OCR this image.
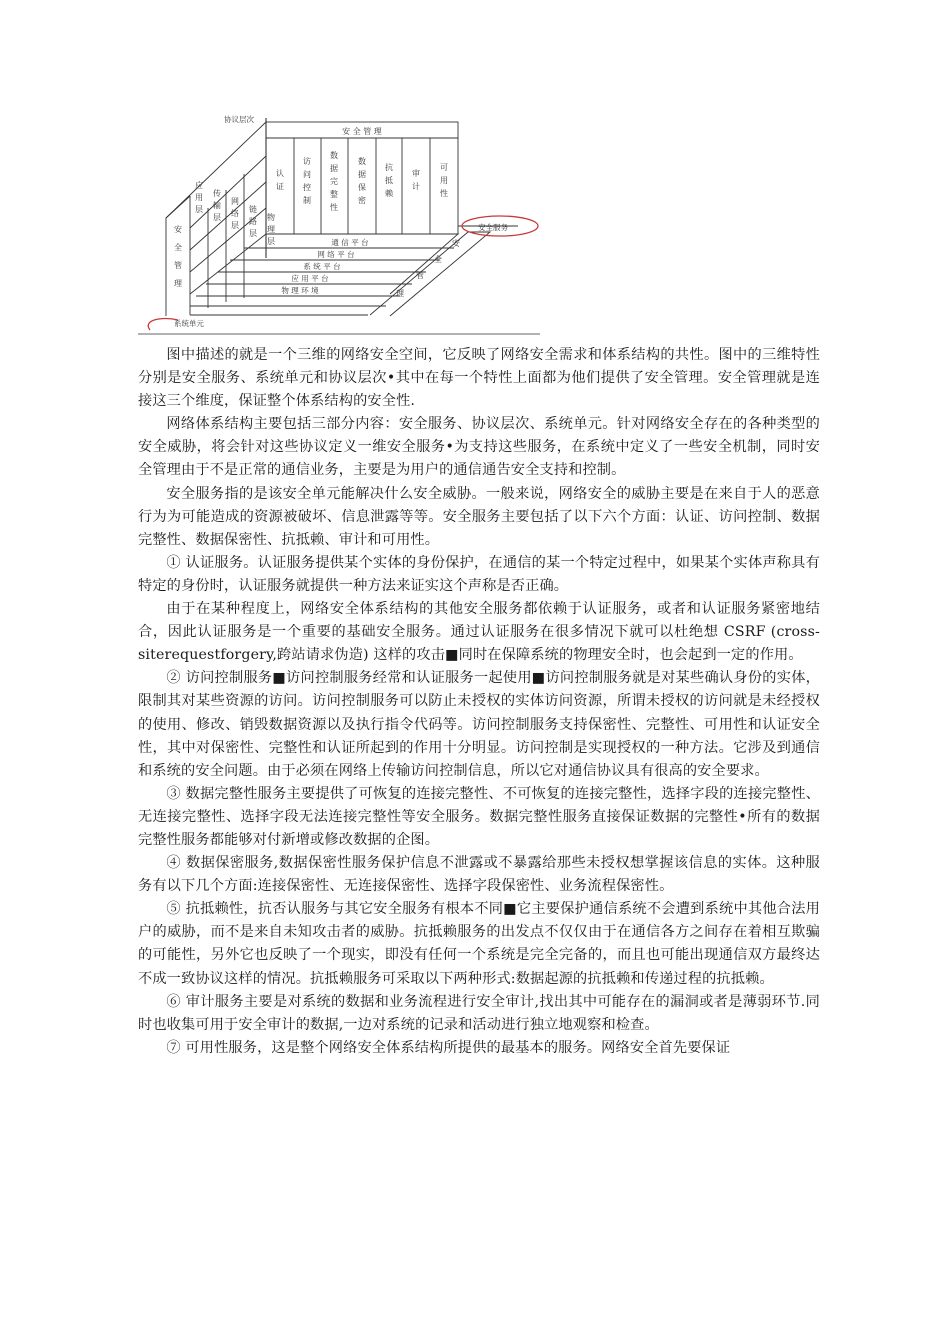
协议层次
安全服务
系统单元
安 全 管 理
安
全
管
理
应
用
层
传
输
层
网
络
层
链
路
层
物
理
层
认
证
访
问
控
制
数
据
完
整
性
数
据
保
密
抗
抵
赖
审
计
可
用
性
通 信 平 台
网 络 平 台
系 统 平 台
应 用 平 台
物 理 环 境
安
全
管
理

图中描述的就是一个三维的网络安全空间，它反映了网络安全需求和体系结构的共性。图中的三维特性分别是安全服务、系统单元和协议层次•其中在每一个特性上面都为他们提供了安全管理。安全管理就是连接这三个维度，保证整个体系结构的安全性.

网络体系结构主要包括三部分内容：安全服务、协议层次、系统单元。针对网络安全存在的各种类型的安全威胁，将会针对这些协议定义一维安全服务•为支持这些服务，在系统中定义了一些安全机制，同时安全管理由于不是正常的通信业务，主要是为用户的通信通告安全支持和控制。

安全服务指的是该安全单元能解决什么安全威胁。一般来说，网络安全的威胁主要是在来自于人的恶意行为为可能造成的资源被破坏、信息泄露等等。安全服务主要包括了以下六个方面：认证、访问控制、数据完整性、数据保密性、抗抵赖、审计和可用性。

① 认证服务。认证服务提供某个实体的身份保护，在通信的某一个特定过程中，如果某个实体声称具有特定的身份时，认证服务就提供一种方法来证实这个声称是否正确。

由于在某种程度上，网络安全体系结构的其他安全服务都依赖于认证服务，或者和认证服务紧密地结合，因此认证服务是一个重要的基础安全服务。通过认证服务在很多情况下就可以杜绝想 CSRF (cross-siterequestforgery,跨站请求伪造) 这样的攻击■同时在保障系统的物理安全时，也会起到一定的作用。

② 访问控制服务■访问控制服务经常和认证服务一起使用■访问控制服务就是对某些确认身份的实体，限制其对某些资源的访问。访问控制服务可以防止未授权的实体访问资源，所谓未授权的访问就是未经授权的使用、修改、销毁数据资源以及执行指令代码等。访问控制服务支持保密性、完整性、可用性和认证安全性，其中对保密性、完整性和认证所起到的作用十分明显。访问控制是实现授权的一种方法。它涉及到通信和系统的安全问题。由于必须在网络上传输访问控制信息，所以它对通信协议具有很高的安全要求。

③ 数据完整性服务主要提供了可恢复的连接完整性、不可恢复的连接完整性，选择字段的连接完整性、无连接完整性、选择字段无法连接完整性等安全服务。数据完整性服务直接保证数据的完整性•所有的数据完整性服务都能够对付新增或修改数据的企图。

④ 数据保密服务,数据保密性服务保护信息不泄露或不暴露给那些未授权想掌握该信息的实体。这种服务有以下几个方面:连接保密性、无连接保密性、选择字段保密性、业务流程保密性。

⑤ 抗抵赖性，抗否认服务与其它安全服务有根本不同■它主要保护通信系统不会遭到系统中其他合法用户的威胁，而不是来自未知攻击者的威胁。抗抵赖服务的出发点不仅仅由于在通信各方之间存在着相互欺骗的可能性，另外它也反映了一个现实，即没有任何一个系统是完全完备的，而且也可能出现通信双方最终达不成一致协议这样的情况。抗抵赖服务可采取以下两种形式:数据起源的抗抵赖和传递过程的抗抵赖。

⑥ 审计服务主要是对系统的数据和业务流程进行安全审计,找出其中可能存在的漏洞或者是薄弱环节.同时也收集可用于安全审计的数据,一边对系统的记录和活动进行独立地观察和检查。

⑦ 可用性服务，这是整个网络安全体系结构所提供的最基本的服务。网络安全首先要保证
